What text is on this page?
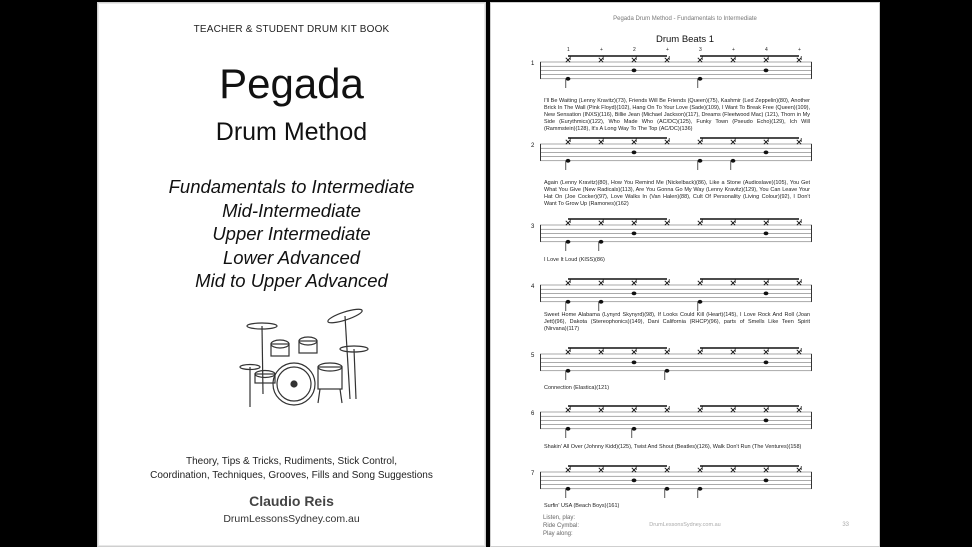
TEACHER & STUDENT DRUM KIT BOOK
Pegada
Drum Method
Fundamentals to Intermediate
Mid-Intermediate
Upper Intermediate
Lower Advanced
Mid to Upper Advanced
Theory, Tips & Tricks, Rudiments, Stick Control,
Coordination, Techniques, Grooves, Fills and Song Suggestions
Claudio Reis
DrumLessonsSydney.com.au
Pegada Drum Method - Fundamentals to Intermediate
Drum Beats 1
DrumLessonsSydney.com.au	33
1
1	+	2	+	3	+	4	+
I'll Be Waiting (Lenny Kravitz)(73), Friends Will Be Friends (Queen)(75), Kashmir (Led Zeppelin)(80), Another Brick In The Wall (Pink Floyd)(102), Hang On To Your Love (Sade)(109), I Want To Break Free (Queen)(109), New Sensation (INXS)(116), Billie Jean (Michael Jackson)(117), Dreams (Fleetwood Mac) (121), Thorn in My Side (Eurythmics)(122), Who Made Who (AC/DC)(125), Funky Town (Pseudo Echo)(129), Ich Will (Rammstein)(128), It's A Long Way To The Top (AC/DC)(136)
2
Again (Lenny Kravitz)(80), How You Remind Me (Nickelback)(86), Like a Stone (Audioslave)(105), You Get What You Give (New Radicals)(113), Are You Gonna Go My Way (Lenny Kravitz)(129), You Can Leave Your Hat On (Joe Cocker)(97), Love Walks In (Van Halen)(88), Cult Of Personality (Living Colour)(92), I Don't Want To Grow Up (Ramones)(162)
3
I Love It Loud (KISS)(86)
4
Sweet Home Alabama (Lynyrd Skynyrd)(98), If Looks Could Kill (Heart)(145), I Love Rock And Roll (Joan Jett)(96), Dakota (Stereophonics)(149), Dani California (RHCP)(96), parts of Smells Like Teen Spirit (Nirvana)(117)
5
Connection (Elastica)(121)
6
Shakin' All Over (Johnny Kidd)(125), Twist And Shout (Beatles)(126), Walk Don't Run (The Ventures)(158)
7
Surfin' USA (Beach Boys)(161)
Listen, play:
Ride Cymbal:
Play along:
